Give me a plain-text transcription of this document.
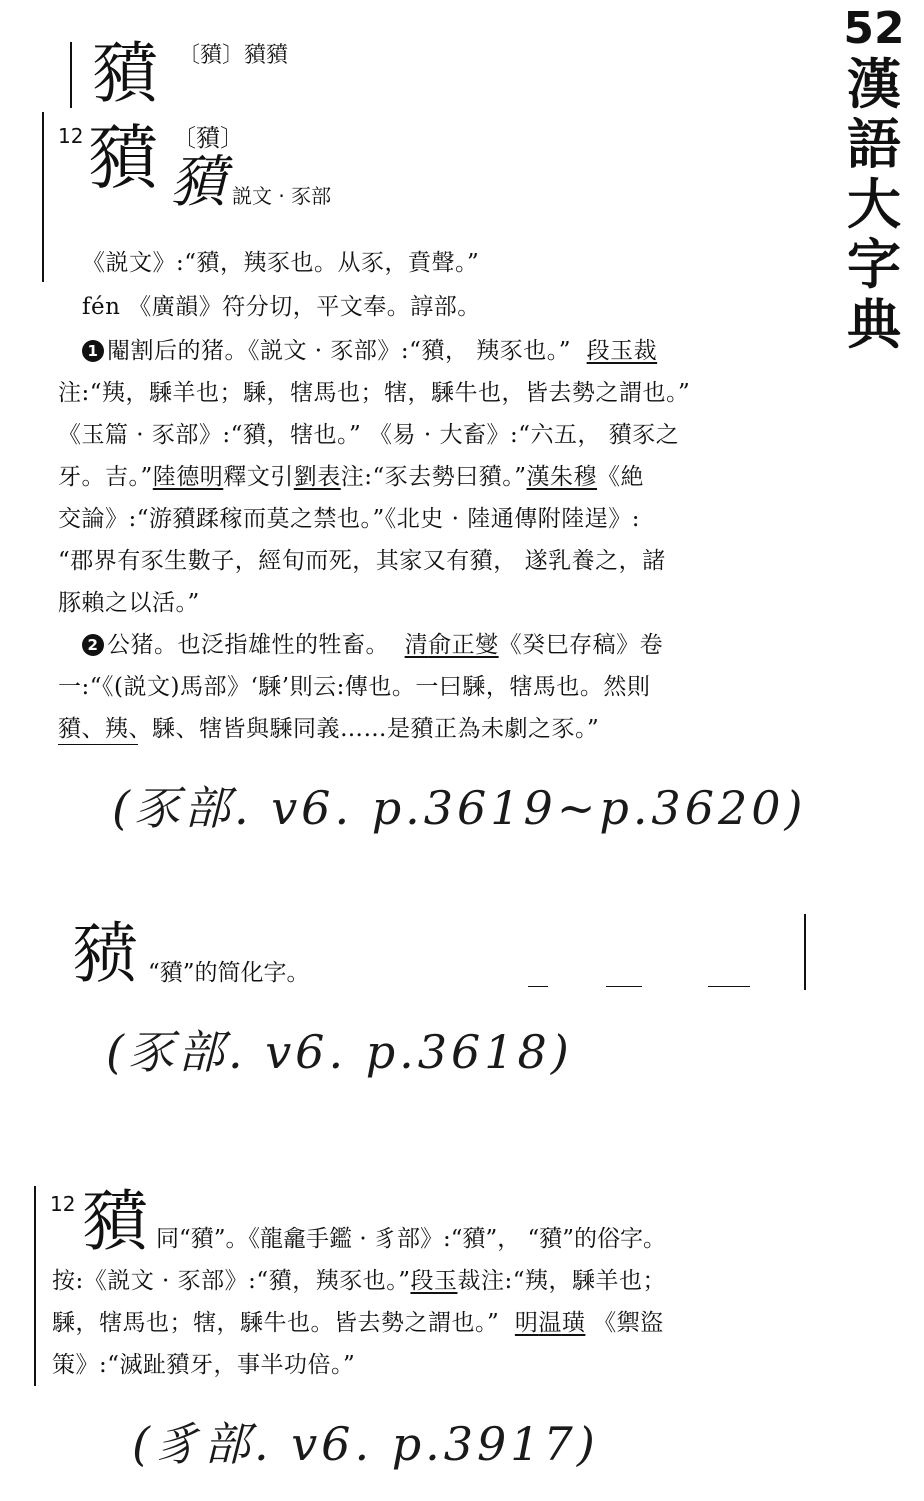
52
漢
語
大
字
典
豶 〔豶〕豶豶
12 豶 〔豶〕
豶 説文 · 豕部
《説文》:“豶，羠豕也。从豕，賁聲。”
fén 《廣韻》符分切，平文奉。諄部。
1 閹割后的猪。《説文 · 豕部》:“豶， 羠豕也。” 段玉裁
注:“羠，騬羊也；騬，犗馬也；犗，騬牛也，皆去勢之謂也。”
《玉篇 · 豕部》:“豶，犗也。” 《易 · 大畜》:“六五， 豶豕之
牙。吉。”陸德明釋文引劉表注:“豕去勢曰豶。”漢朱穆《絶
交論》:“游豶蹂稼而莫之禁也。”《北史 · 陸通傳附陸逞》:
“郡界有豕生數子，經旬而死，其家又有豶， 遂乳養之，諸
豚賴之以活。”
2 公猪。也泛指雄性的牲畜。 清俞正燮《癸巳存稿》卷
一:“《(説文)馬部》‘騬’則云:傳也。一曰騬，犗馬也。然則
豶、羠、騬、犗皆與騬同義……是豶正為未劇之豕。”
(豕部. v6. p.3619~p.3620)
豮 “豶”的简化字。
(豕部. v6. p.3618)
12 豶 同“豶”。《龍龕手鑑 · 豸部》:“豶”， “豶”的俗字。
按:《説文 · 豕部》:“豶，羠豕也。”段玉裁注:“羠，騬羊也；
騬，犗馬也；犗，騬牛也。皆去勢之謂也。” 明温璜 《禦盜
策》:“滅趾豶牙，事半功倍。”
(豸部. v6. p.3917)
